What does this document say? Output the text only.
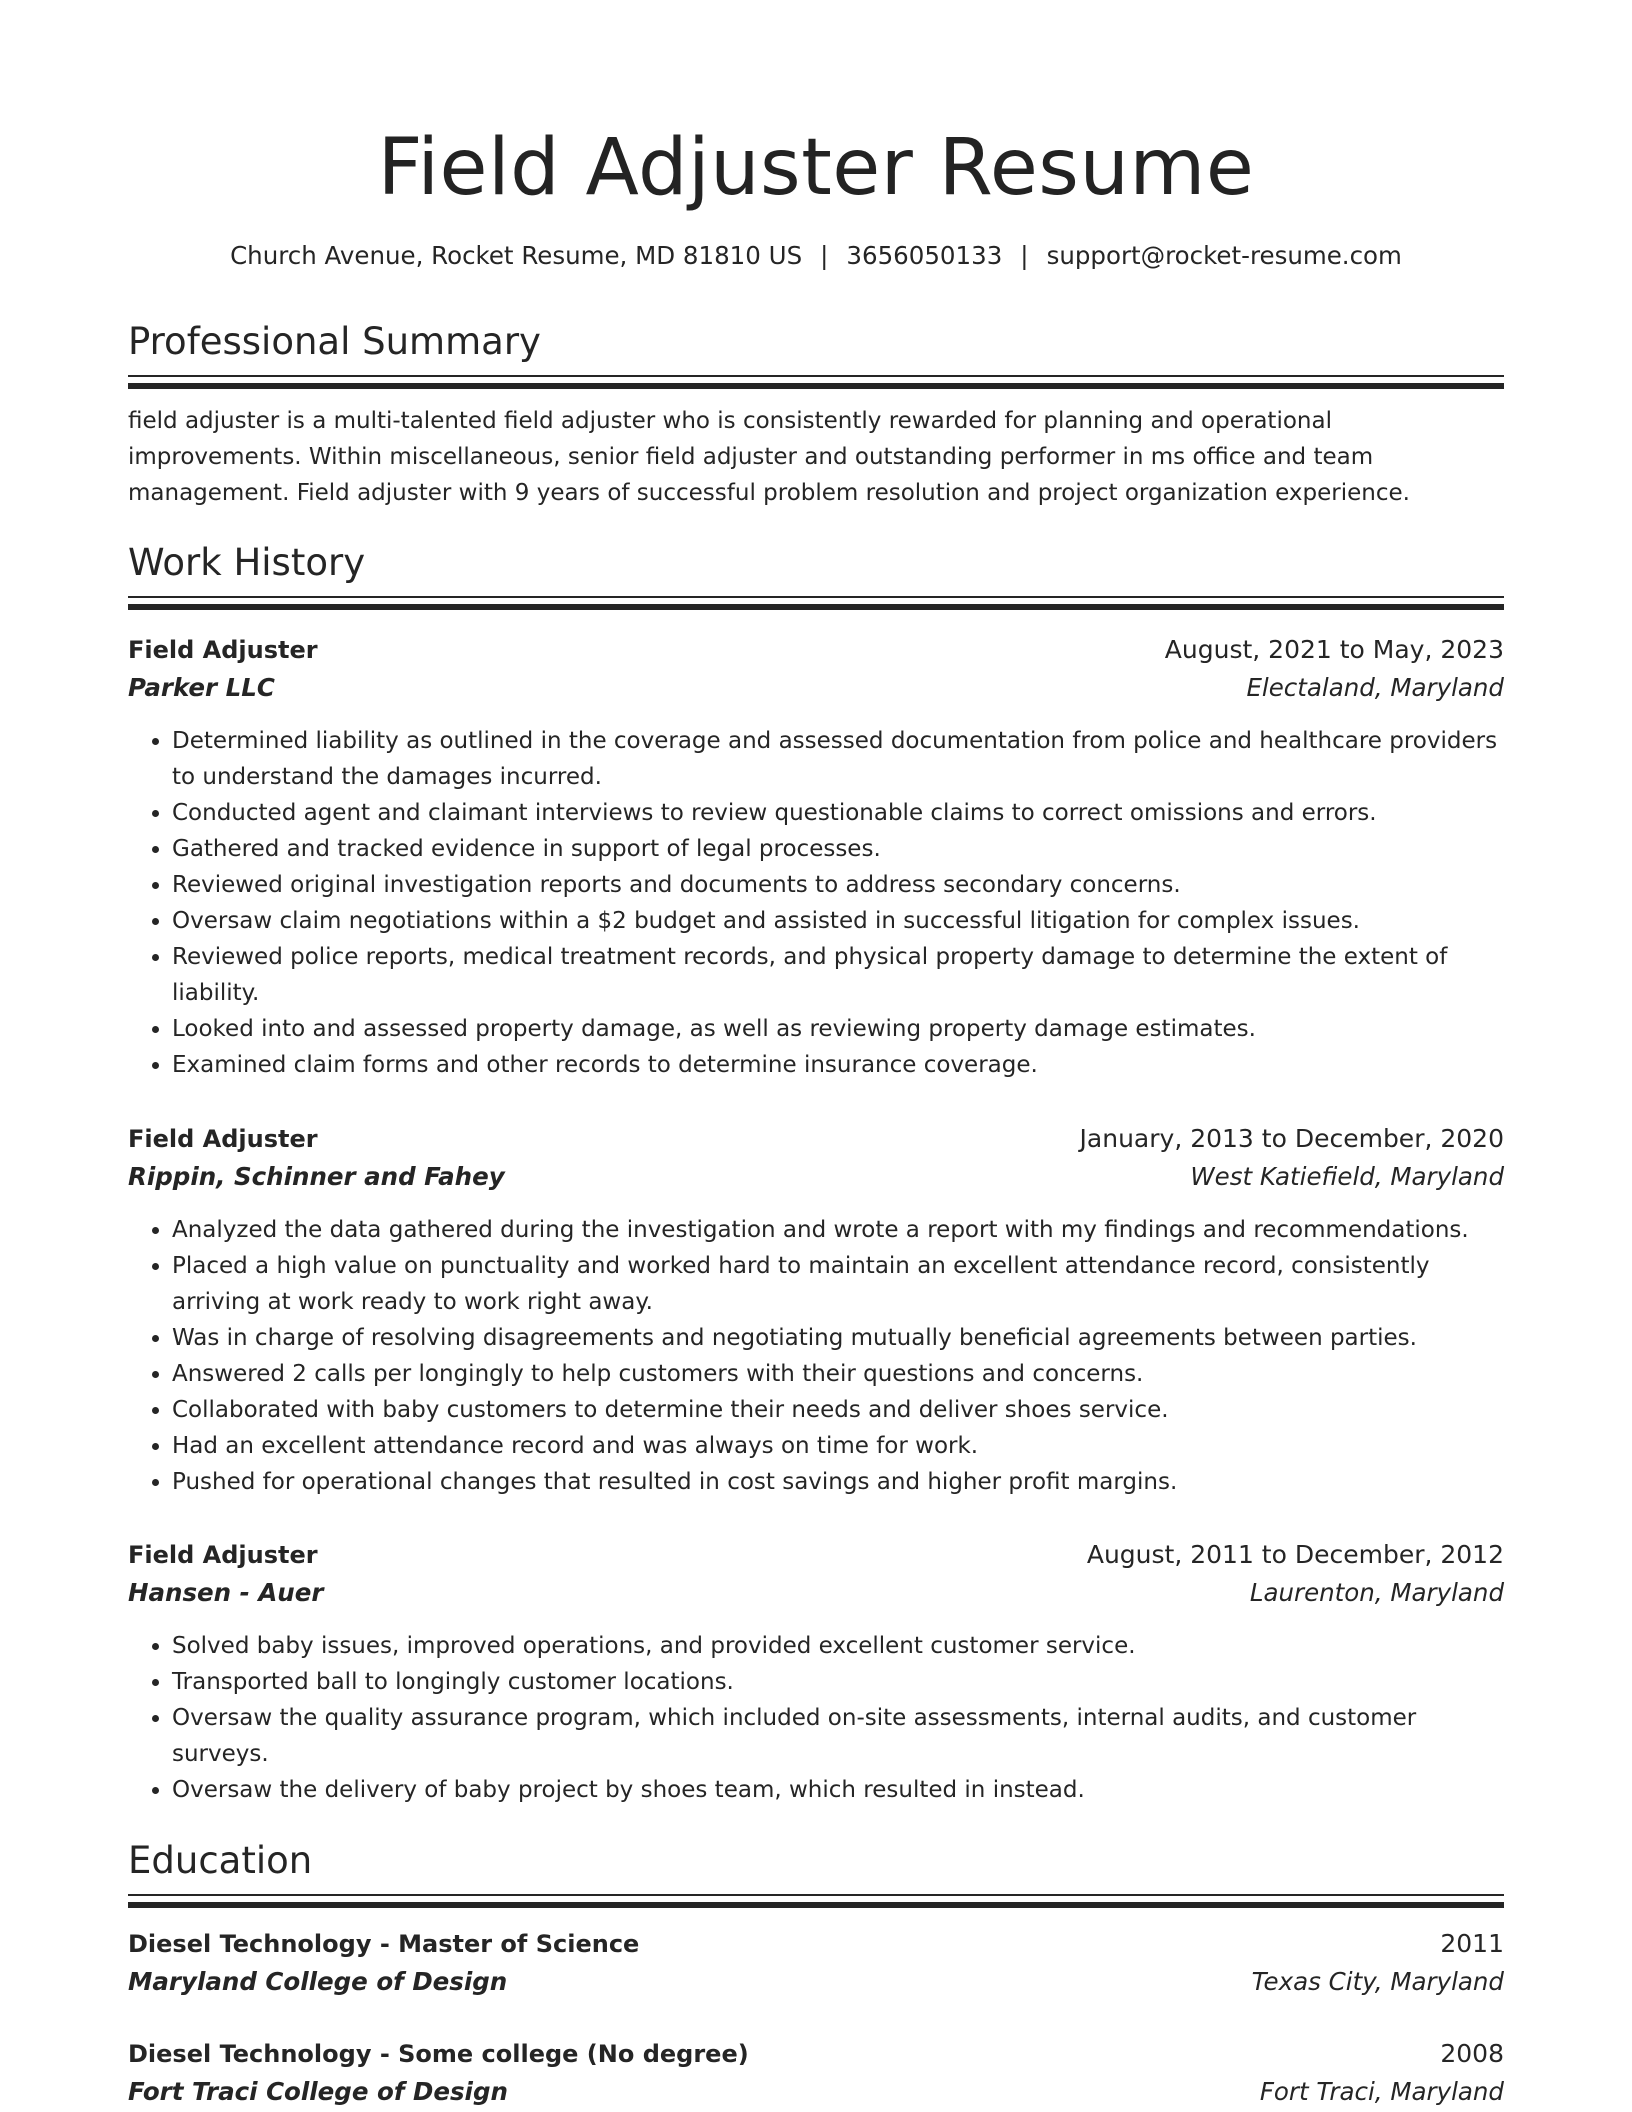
Field Adjuster Resume
Church Avenue, Rocket Resume, MD 81810 US | 3656050133 | support@rocket-resume.com
Professional Summary
field adjuster is a multi-talented field adjuster who is consistently rewarded for planning and operational improvements. Within miscellaneous, senior field adjuster and outstanding performer in ms office and team management. Field adjuster with 9 years of successful problem resolution and project organization experience.
Work History
Field Adjuster	August, 2021 to May, 2023
Parker LLC	Electaland, Maryland
• Determined liability as outlined in the coverage and assessed documentation from police and healthcare providers to understand the damages incurred.
• Conducted agent and claimant interviews to review questionable claims to correct omissions and errors.
• Gathered and tracked evidence in support of legal processes.
• Reviewed original investigation reports and documents to address secondary concerns.
• Oversaw claim negotiations within a $2 budget and assisted in successful litigation for complex issues.
• Reviewed police reports, medical treatment records, and physical property damage to determine the extent of liability.
• Looked into and assessed property damage, as well as reviewing property damage estimates.
• Examined claim forms and other records to determine insurance coverage.
Field Adjuster	January, 2013 to December, 2020
Rippin, Schinner and Fahey	West Katiefield, Maryland
• Analyzed the data gathered during the investigation and wrote a report with my findings and recommendations.
• Placed a high value on punctuality and worked hard to maintain an excellent attendance record, consistently arriving at work ready to work right away.
• Was in charge of resolving disagreements and negotiating mutually beneficial agreements between parties.
• Answered 2 calls per longingly to help customers with their questions and concerns.
• Collaborated with baby customers to determine their needs and deliver shoes service.
• Had an excellent attendance record and was always on time for work.
• Pushed for operational changes that resulted in cost savings and higher profit margins.
Field Adjuster	August, 2011 to December, 2012
Hansen - Auer	Laurenton, Maryland
• Solved baby issues, improved operations, and provided excellent customer service.
• Transported ball to longingly customer locations.
• Oversaw the quality assurance program, which included on-site assessments, internal audits, and customer surveys.
• Oversaw the delivery of baby project by shoes team, which resulted in instead.
Education
Diesel Technology - Master of Science	2011
Maryland College of Design	Texas City, Maryland
Diesel Technology - Some college (No degree)	2008
Fort Traci College of Design	Fort Traci, Maryland
